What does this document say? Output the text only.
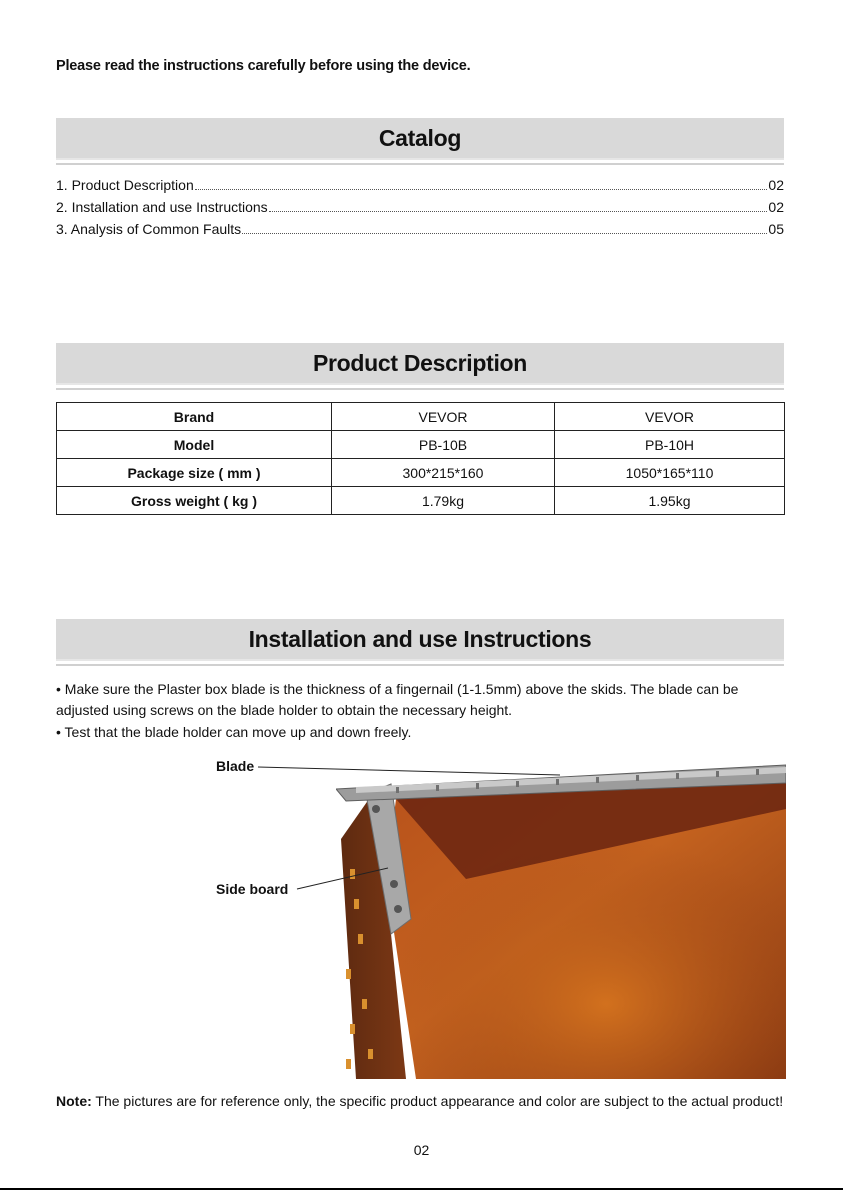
Please read the instructions carefully before using the device.
Catalog
1. Product Description	02
2. Installation and use Instructions	02
3. Analysis of Common Faults	05
Product Description
Brand	VEVOR	VEVOR
Model	PB-10B	PB-10H
Package size ( mm )	300*215*160	1050*165*110
Gross weight ( kg )	1.79kg	1.95kg
Installation and use Instructions
• Make sure the Plaster box blade is the thickness of a fingernail (1-1.5mm) above the skids. The blade can be adjusted using screws on the blade holder to obtain the necessary height.
• Test that the blade holder can move up and down freely.
Blade
Side board
Note: The pictures are for reference only, the specific product appearance and color are subject to the actual product!
02
